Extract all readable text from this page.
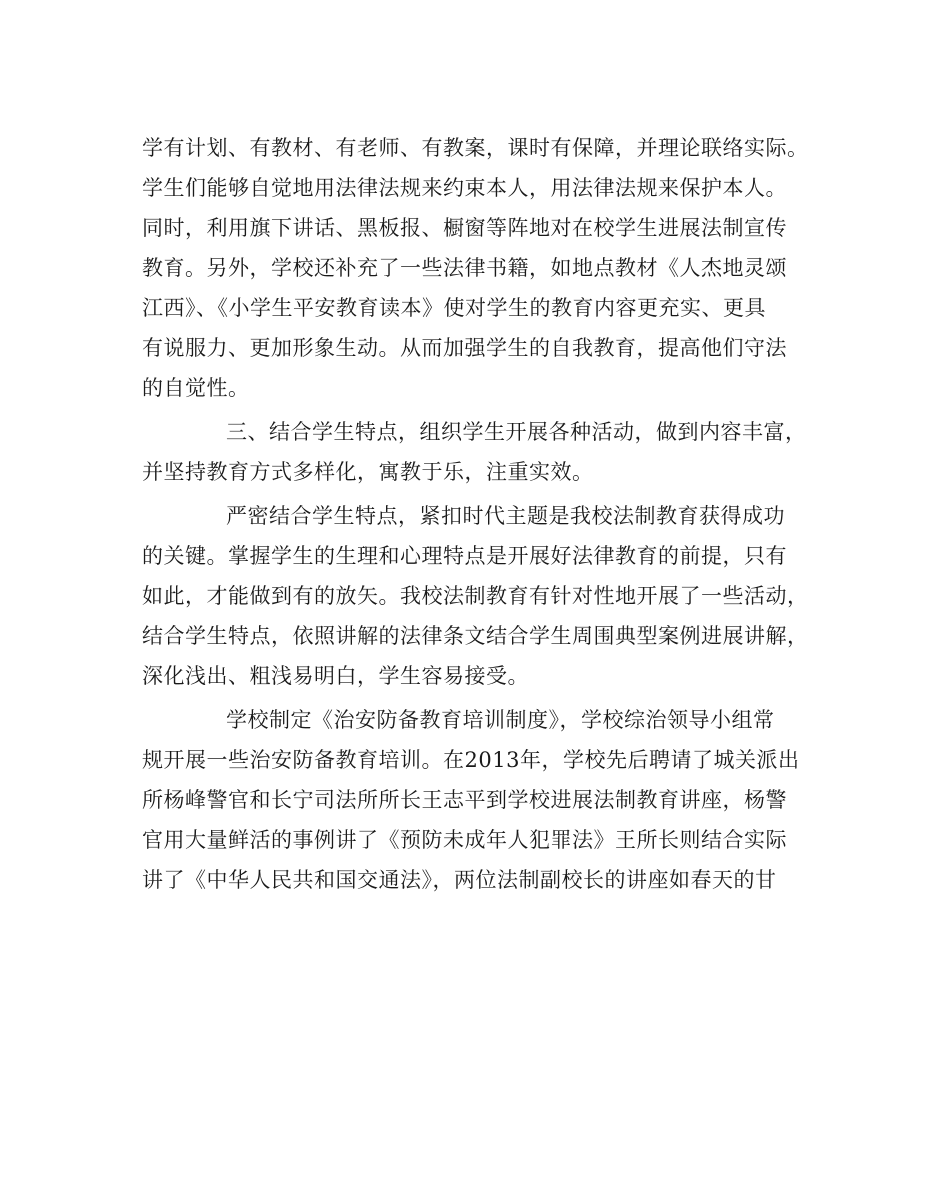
学有计划、有教材、有老师、有教案，课时有保障，并理论联络实际。
学生们能够自觉地用法律法规来约束本人，用法律法规来保护本人。
同时，利用旗下讲话、黑板报、橱窗等阵地对在校学生进展法制宣传
教育。另外，学校还补充了一些法律书籍，如地点教材《人杰地灵颂
江西》、《小学生平安教育读本》使对学生的教育内容更充实、更具
有说服力、更加形象生动。从而加强学生的自我教育，提高他们守法
的自觉性。
三、结合学生特点，组织学生开展各种活动，做到内容丰富，
并坚持教育方式多样化，寓教于乐，注重实效。
严密结合学生特点，紧扣时代主题是我校法制教育获得成功
的关键。掌握学生的生理和心理特点是开展好法律教育的前提，只有
如此，才能做到有的放矢。我校法制教育有针对性地开展了一些活动，
结合学生特点，依照讲解的法律条文结合学生周围典型案例进展讲解，
深化浅出、粗浅易明白，学生容易接受。
学校制定《治安防备教育培训制度》，学校综治领导小组常
规开展一些治安防备教育培训。在2013年，学校先后聘请了城关派出
所杨峰警官和长宁司法所所长王志平到学校进展法制教育讲座，杨警
官用大量鲜活的事例讲了《预防未成年人犯罪法》王所长则结合实际
讲了《中华人民共和国交通法》，两位法制副校长的讲座如春天的甘
